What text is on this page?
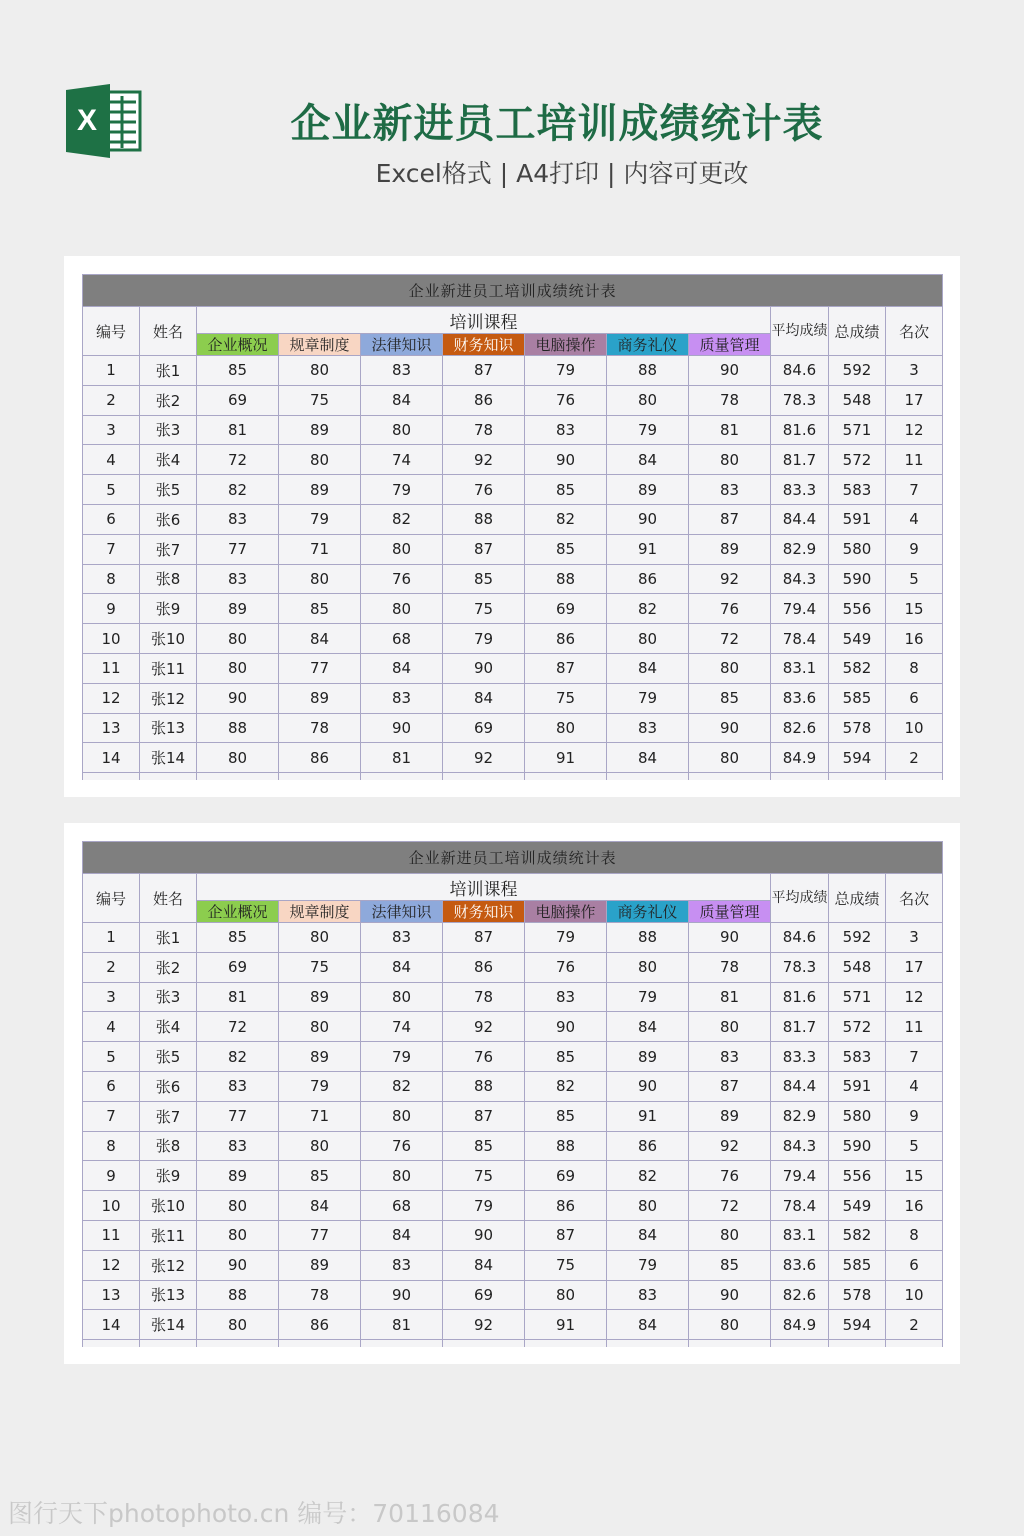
X	企业新进员工培训成绩统计表
Excel格式 | A4打印 | 内容可更改
企业新进员工培训成绩统计表											
编号	姓名	培训课程							平均成绩	总成绩	名次
		企业概况	规章制度	法律知识	财务知识	电脑操作	商务礼仪	质量管理			
1	张1	85	80	83	87	79	88	90	84.6	592	3
2	张2	69	75	84	86	76	80	78	78.3	548	17
3	张3	81	89	80	78	83	79	81	81.6	571	12
4	张4	72	80	74	92	90	84	80	81.7	572	11
5	张5	82	89	79	76	85	89	83	83.3	583	7
6	张6	83	79	82	88	82	90	87	84.4	591	4
7	张7	77	71	80	87	85	91	89	82.9	580	9
8	张8	83	80	76	85	88	86	92	84.3	590	5
9	张9	89	85	80	75	69	82	76	79.4	556	15
10	张10	80	84	68	79	86	80	72	78.4	549	16
11	张11	80	77	84	90	87	84	80	83.1	582	8
12	张12	90	89	83	84	75	79	85	83.6	585	6
13	张13	88	78	90	69	80	83	90	82.6	578	10
14	张14	80	86	81	92	91	84	80	84.9	594	2

企业新进员工培训成绩统计表											
编号	姓名	培训课程							平均成绩	总成绩	名次
		企业概况	规章制度	法律知识	财务知识	电脑操作	商务礼仪	质量管理			
1	张1	85	80	83	87	79	88	90	84.6	592	3
2	张2	69	75	84	86	76	80	78	78.3	548	17
3	张3	81	89	80	78	83	79	81	81.6	571	12
4	张4	72	80	74	92	90	84	80	81.7	572	11
5	张5	82	89	79	76	85	89	83	83.3	583	7
6	张6	83	79	82	88	82	90	87	84.4	591	4
7	张7	77	71	80	87	85	91	89	82.9	580	9
8	张8	83	80	76	85	88	86	92	84.3	590	5
9	张9	89	85	80	75	69	82	76	79.4	556	15
10	张10	80	84	68	79	86	80	72	78.4	549	16
11	张11	80	77	84	90	87	84	80	83.1	582	8
12	张12	90	89	83	84	75	79	85	83.6	585	6
13	张13	88	78	90	69	80	83	90	82.6	578	10
14	张14	80	86	81	92	91	84	80	84.9	594	2

图行天下photophoto.cn 编号：70116084
